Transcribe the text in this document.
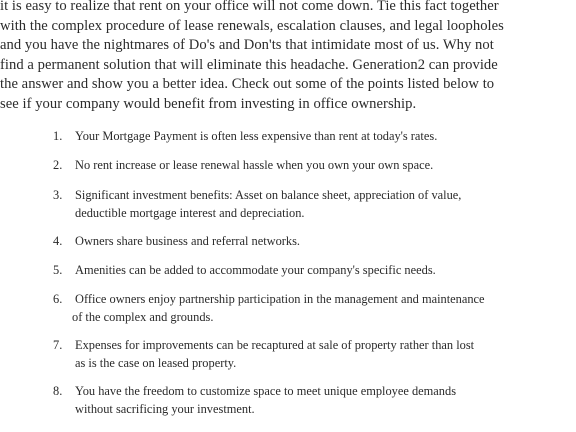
it is easy to realize that rent on your office will not come down. Tie this fact together
with the complex procedure of lease renewals, escalation clauses, and legal loopholes
and you have the nightmares of Do's and Don'ts that intimidate most of us. Why not
find a permanent solution that will eliminate this headache. Generation2 can provide
the answer and show you a better idea. Check out some of the points listed below to
see if your company would benefit from investing in office ownership.
1.	Your Mortgage Payment is often less expensive than rent at today's rates.
2.	No rent increase or lease renewal hassle when you own your own space.
3.	Significant investment benefits: Asset on balance sheet, appreciation of value,
deductible mortgage interest and depreciation.
4.	Owners share business and referral networks.
5.	Amenities can be added to accommodate your company's specific needs.
6.	Office owners enjoy partnership participation in the management and maintenance
of the complex and grounds.
7.	Expenses for improvements can be recaptured at sale of property rather than lost
as is the case on leased property.
8.	You have the freedom to customize space to meet unique employee demands
without sacrificing your investment.
